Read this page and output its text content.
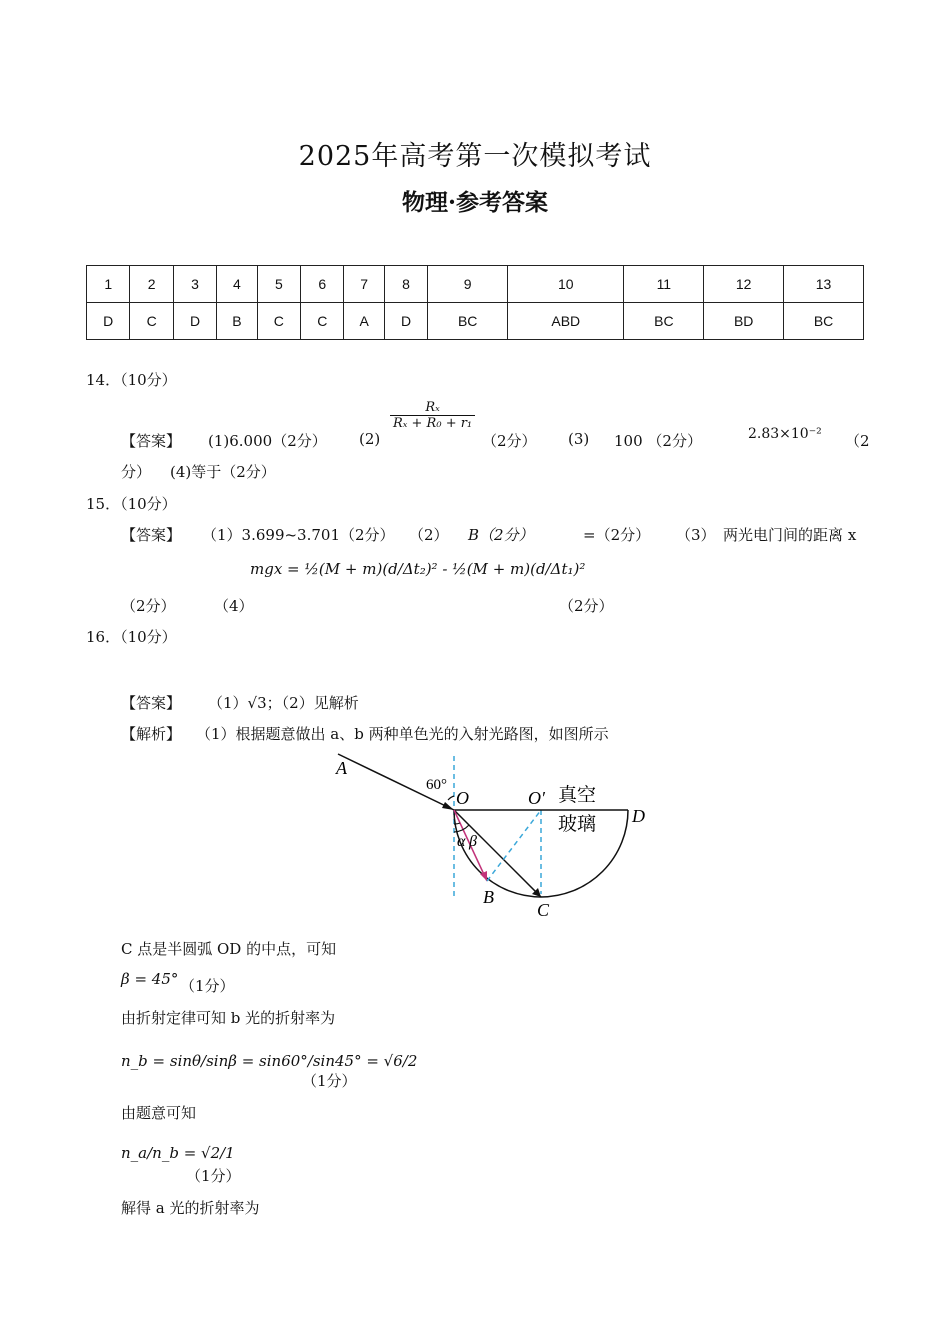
2025年高考第一次模拟考试
物理·参考答案
1	2	3	4	5	6	7	8	9	10	11	12	13
D	C	D	B	C	C	A	D	BC	ABD	BC	BD	BC
14．（10分）
【答案】 (1)6.000（2分） (2)
$\frac{\text{Rₓ}}{\text{Rₓ + R₀ + r₁}}$
（2分） (3) 100 （2分）	2.83×10⁻² （2
分） (4)等于（2分）
15．（10分）
【答案】 （1）3.699~3.701（2分） （2） B（2分）	=（2分） （3）　两光电门间的距离 x
（2分）	（4）
mgx = ½(M + m)(d/Δt₂)² - ½(M + m)(d/Δt₁)²
（2分）
16．（10分）
【答案】 （1）√3；（2）见解析
【解析】 （1）根据题意做出 a、b 两种单色光的入射光路图，如图所示
A
60°
O	O′ 真空
玻璃 D
α β
B
C
C 点是半圆弧 OD 的中点，可知
β = 45° （1分）
由折射定律可知 b 光的折射率为
n_b = sinθ/sinβ = sin60°/sin45° = √6/2
（1分）
由题意可知
n_a/n_b = √2/1
（1分）
解得 a 光的折射率为
